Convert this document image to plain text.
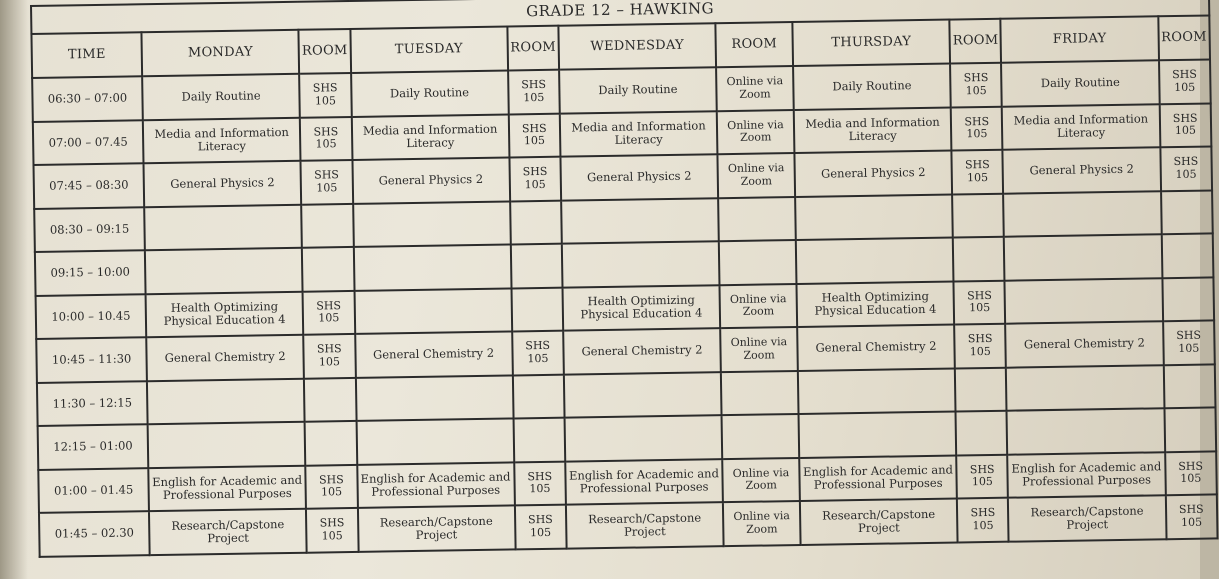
GRADE 12 – HAWKING										
TIME	MONDAY	ROOM	TUESDAY	ROOM	WEDNESDAY	ROOM	THURSDAY	ROOM	FRIDAY	ROOM
06:30 – 07:00	Daily Routine	SHS 105	Daily Routine	SHS 105	Daily Routine	Online via Zoom	Daily Routine	SHS 105	Daily Routine	SHS 105
07:00 – 07.45	Media and Information Literacy	SHS 105	Media and Information Literacy	SHS 105	Media and Information Literacy	Online via Zoom	Media and Information Literacy	SHS 105	Media and Information Literacy	SHS 105
07:45 – 08:30	General Physics 2	SHS 105	General Physics 2	SHS 105	General Physics 2	Online via Zoom	General Physics 2	SHS 105	General Physics 2	SHS 105
08:30 – 09:15										
09:15 – 10:00										
10:00 – 10.45	Health Optimizing Physical Education 4	SHS 105			Health Optimizing Physical Education 4	Online via Zoom	Health Optimizing Physical Education 4	SHS 105		
10:45 – 11:30	General Chemistry 2	SHS 105	General Chemistry 2	SHS 105	General Chemistry 2	Online via Zoom	General Chemistry 2	SHS 105	General Chemistry 2	SHS 105
11:30 – 12:15										
12:15 – 01:00										
01:00 – 01.45	English for Academic and Professional Purposes	SHS 105	English for Academic and Professional Purposes	SHS 105	English for Academic and Professional Purposes	Online via Zoom	English for Academic and Professional Purposes	SHS 105	English for Academic and Professional Purposes	SHS 105
01:45 – 02.30	Research/Capstone Project	SHS 105	Research/Capstone Project	SHS 105	Research/Capstone Project	Online via Zoom	Research/Capstone Project	SHS 105	Research/Capstone Project	SHS 105
